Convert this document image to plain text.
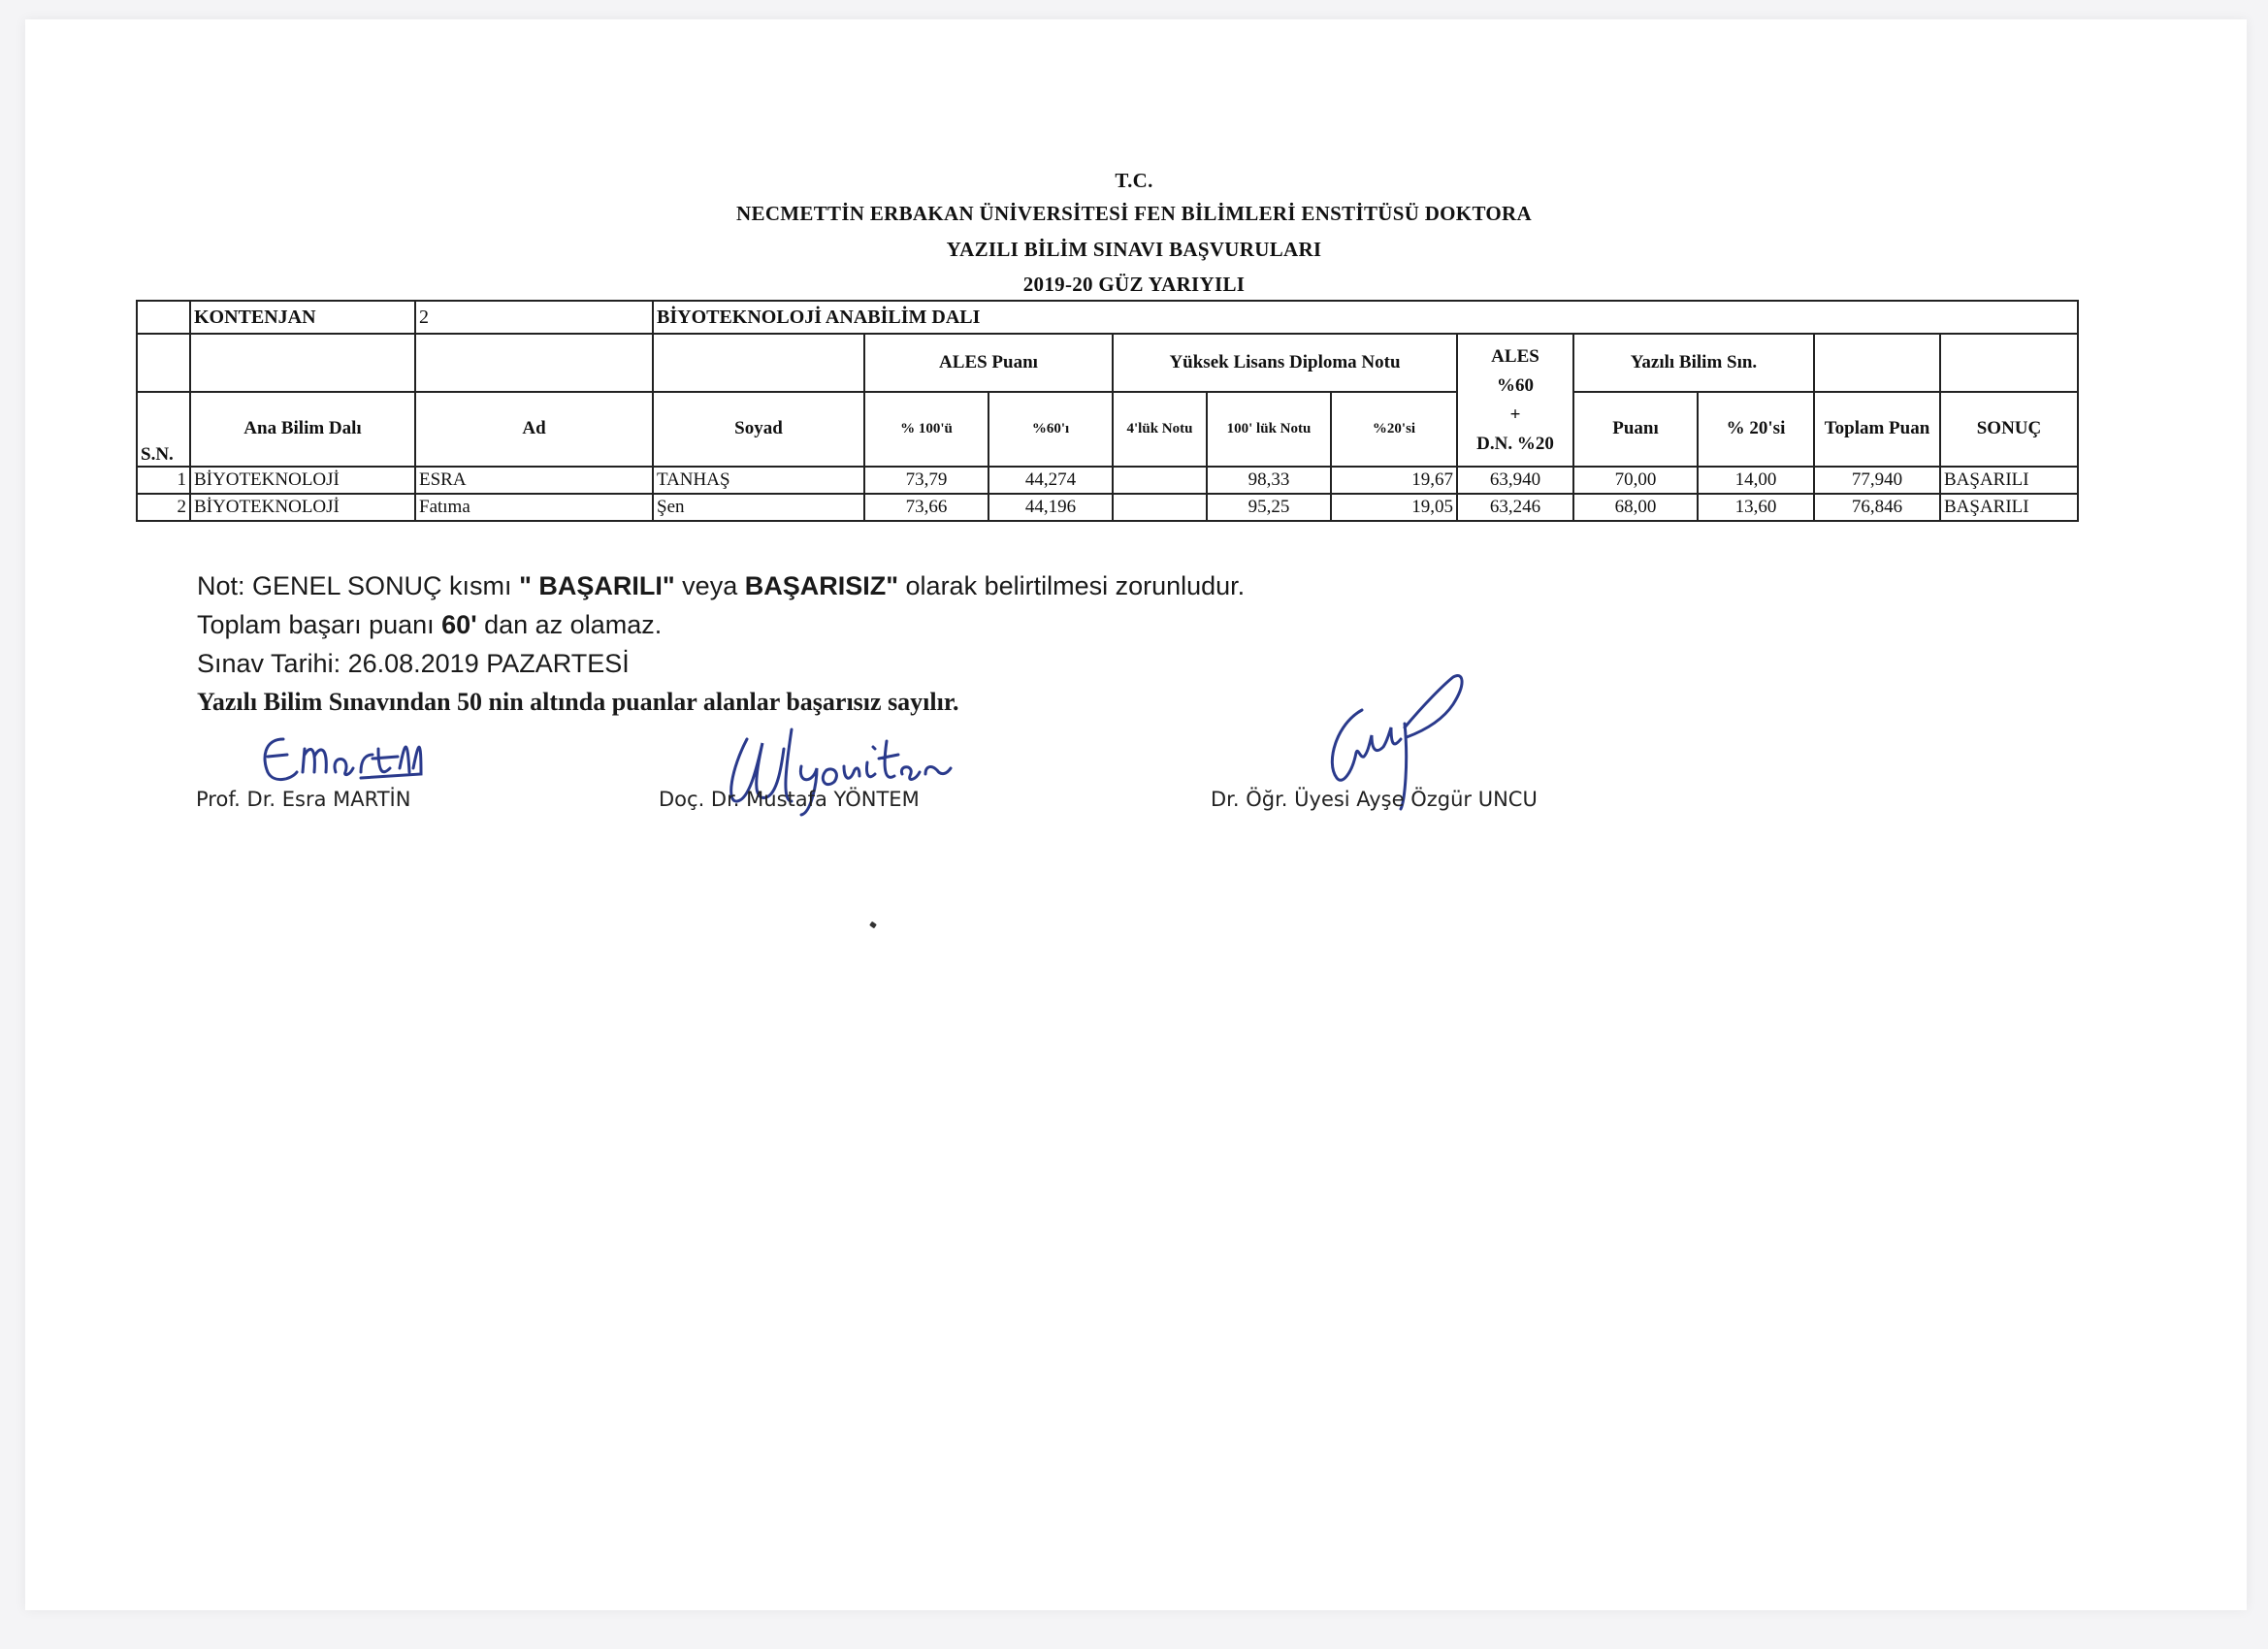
T.C.
NECMETTİN ERBAKAN ÜNİVERSİTESİ FEN BİLİMLERİ ENSTİTÜSÜ DOKTORA
YAZILI BİLİM SINAVI BAŞVURULARI
2019-20 GÜZ YARIYILI
	KONTENJAN	2	BİYOTEKNOLOJİ ANABİLİM DALI										
				ALES Puanı		Yüksek Lisans Diploma Notu			ALES
%60
+
D.N. %20	Yazılı Bilim Sın.			
S.N.	Ana Bilim Dalı	Ad	Soyad	% 100'ü	%60'ı	4'lük Notu	100' lük Notu	%20'si		Puanı	% 20'si	Toplam Puan	SONUÇ
1	BİYOTEKNOLOJİ	ESRA	TANHAŞ	73,79	44,274		98,33	19,67	63,940	70,00	14,00	77,940	BAŞARILI
2	BİYOTEKNOLOJİ	Fatıma	Şen	73,66	44,196		95,25	19,05	63,246	68,00	13,60	76,846	BAŞARILI
Not: GENEL SONUÇ kısmı " BAŞARILI" veya BAŞARISIZ" olarak belirtilmesi zorunludur.
Toplam başarı puanı 60' dan az olamaz.
Sınav Tarihi: 26.08.2019 PAZARTESİ
Yazılı Bilim Sınavından 50 nin altında puanlar alanlar başarısız sayılır.
Prof. Dr. Esra MARTİN	Doç. Dr. Mustafa YÖNTEM	Dr. Öğr. Üyesi Ayşe Özgür UNCU
